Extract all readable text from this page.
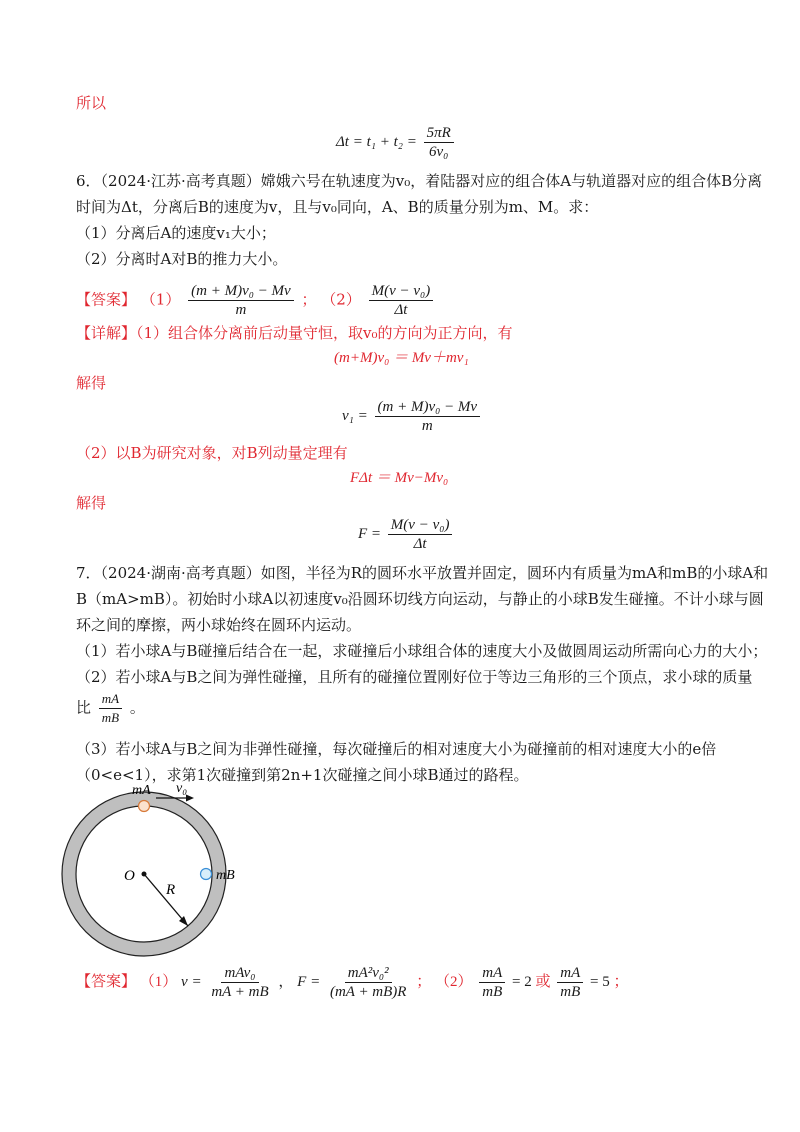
所以
$\Delta t = t_1 + t_2 = \frac{5\pi R}{\text{6v₀}}$
6．（2024·江苏·高考真题）嫦娥六号在轨速度为v₀，着陆器对应的组合体A与轨道器对应的组合体B分离
时间为Δt，分离后B的速度为v，且与v₀同向，A、B的质量分别为m、M。求：
（1）分离后A的速度v₁大小；
（2）分离时A对B的推力大小。
【答案】 $(1) \frac{\text{(m + M)v₀ − Mv}}{m}$ ； $(2) \frac{\text{M(v − v₀)}}{\Delta t}$
【详解】（1）组合体分离前后动量守恒，取v₀的方向为正方向，有
(m+M)v₀ ＝ Mv＋mv₁
解得
$v_1 = \frac{\text{(m + M)v₀ − Mv}}{m}$
（2）以B为研究对象，对B列动量定理有
FΔt ＝ Mv−Mv₀
解得
$F = \frac{\text{M(v − v₀)}}{\Delta t}$
7．（2024·湖南·高考真题）如图，半径为R的圆环水平放置并固定，圆环内有质量为mA和mB的小球A和
B（mA>mB）。初始时小球A以初速度v₀沿圆环切线方向运动，与静止的小球B发生碰撞。不计小球与圆
环之间的摩擦，两小球始终在圆环内运动。
（1）若小球A与B碰撞后结合在一起，求碰撞后小球组合体的速度大小及做圆周运动所需向心力的大小；
（2）若小球A与B之间为弹性碰撞，且所有的碰撞位置刚好位于等边三角形的三个顶点，求小球的质量
比 $\frac{mA}{mB}$ 。
（3）若小球A与B之间为非弹性碰撞，每次碰撞后的相对速度大小为碰撞前的相对速度大小的e倍
（0<e<1），求第1次碰撞到第2n+1次碰撞之间小球B通过的路程。
mA v₀
O
R
mB
【答案】 （1） $v = \frac{\text{mAv₀}}{mA + mB}$ ， $F = \frac{\text{mA²v₀²}}{(mA + mB)R}$ ； $(2) \frac{mA}{mB} = 2$ 或 $\frac{mA}{mB} = 5$ ；
